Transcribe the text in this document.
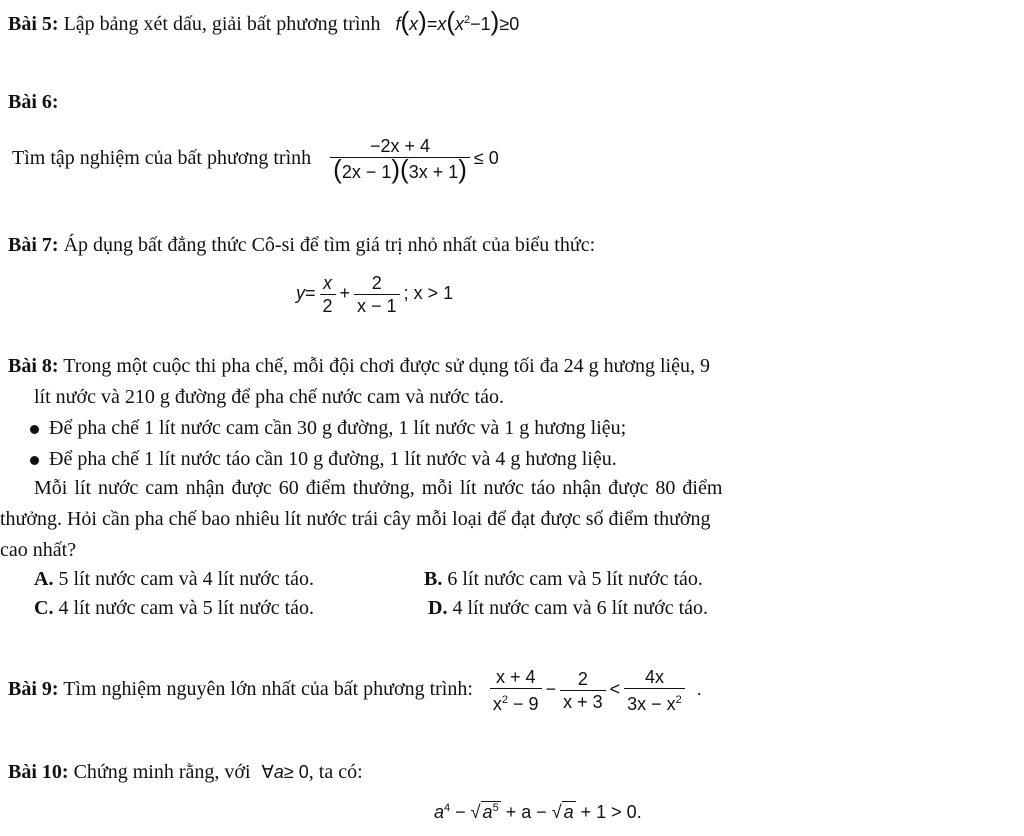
Bài 5: Lập bảng xét dấu, giải bất phương trình $f(x)=x(x^2-1)\ge 0$
Bài 6:
Tìm tập nghiệm của bất phương trình $\frac{-2x + 4}{(2x - 1)(3x + 1)} \le 0$
Bài 7: Áp dụng bất đẳng thức Cô-si để tìm giá trị nhỏ nhất của biểu thức:
$y= \frac{x}{2} + \frac{2}{x - 1}$ ; x > 1
Bài 8: Trong một cuộc thi pha chế, mỗi đội chơi được sử dụng tối đa 24 g hương liệu, 9
lít nước và 210 g đường để pha chế nước cam và nước táo.
Để pha chế 1 lít nước cam cần 30 g đường, 1 lít nước và 1 g hương liệu;
Để pha chế 1 lít nước táo cần 10 g đường, 1 lít nước và 4 g hương liệu.
Mỗi lít nước cam nhận được 60 điểm thưởng, mỗi lít nước táo nhận được 80 điểm
thưởng. Hỏi cần pha chế bao nhiêu lít nước trái cây mỗi loại để đạt được số điểm thưởng
cao nhất?
A. 5 lít nước cam và 4 lít nước táo.	B. 6 lít nước cam và 5 lít nước táo.
C. 4 lít nước cam và 5 lít nước táo.	D. 4 lít nước cam và 6 lít nước táo.
Bài 9: Tìm nghiệm nguyên lớn nhất của bất phương trình: $\frac{x + 4}{x^2 - 9} - \frac{2}{x + 3} < \frac{4x}{3x - x^2}$ .
Bài 10: Chứng minh rằng, với ∀a≥ 0, ta có:
$a^4$ − √ $a^5 + a$ − √ a + 1 > 0.
